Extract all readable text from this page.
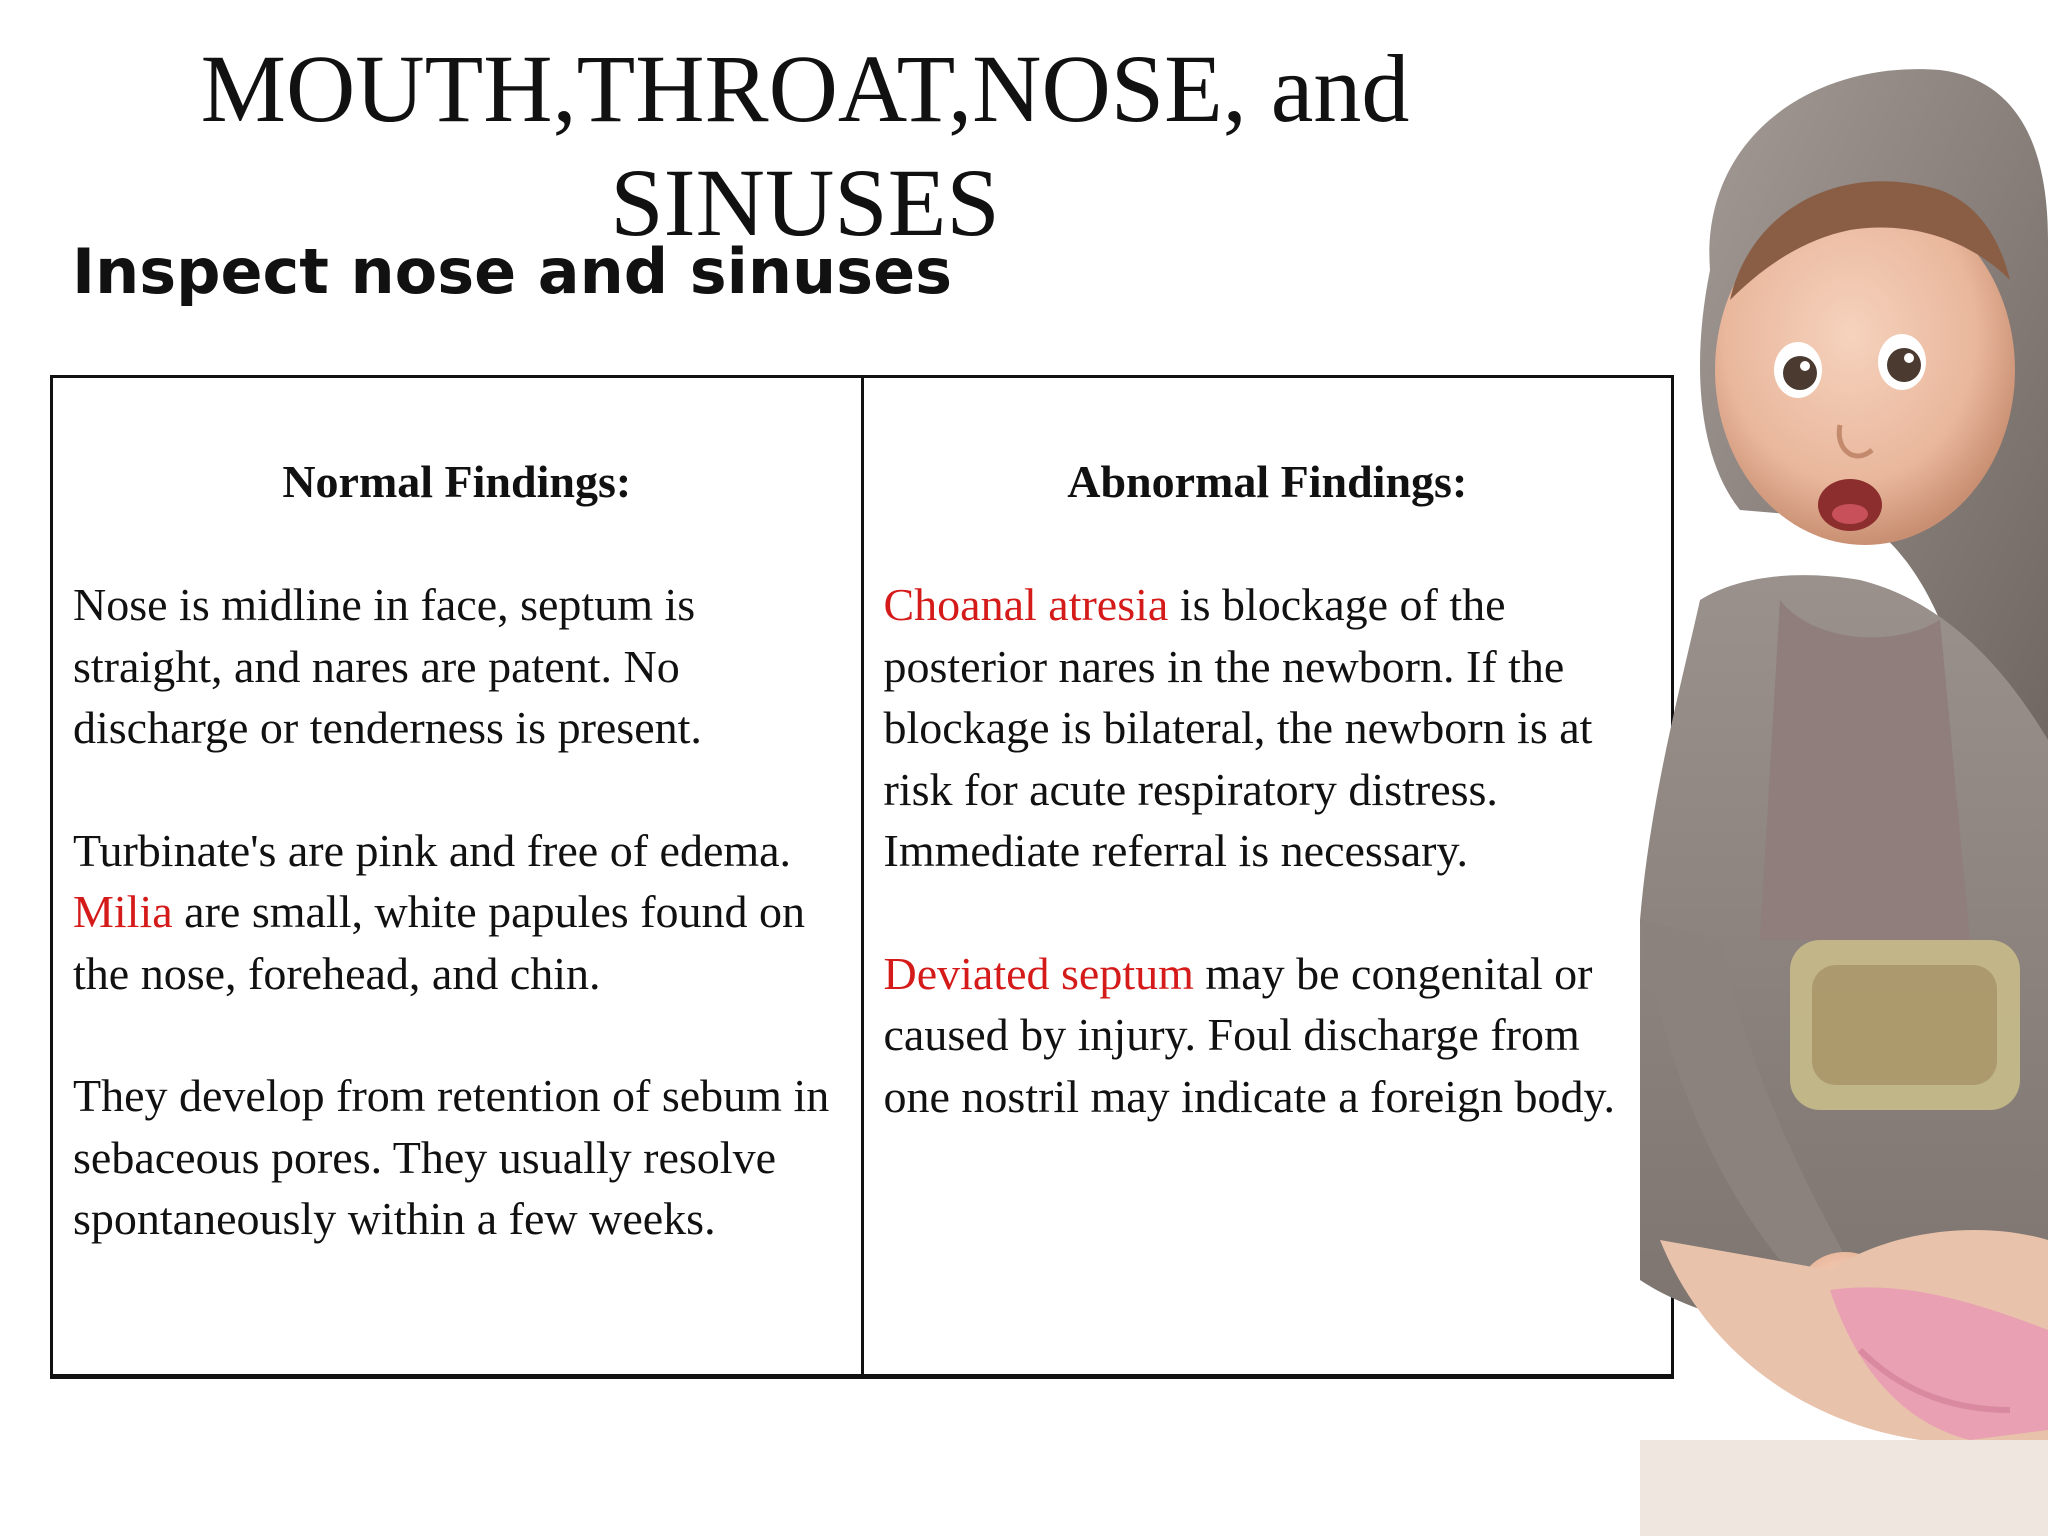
MOUTH,THROAT,NOSE, and
SINUSES
Inspect nose and sinuses
Normal Findings:

Nose is midline in face, septum is straight, and nares are patent. No discharge or tenderness is present.

Turbinate's are pink and free of edema. Milia are small, white papules found on the nose, forehead, and chin.

They develop from retention of sebum in sebaceous pores. They usually resolve spontaneously within a few weeks.

Abnormal Findings:

Choanal atresia is blockage of the posterior nares in the newborn. If the blockage is bilateral, the newborn is at risk for acute respiratory distress. Immediate referral is necessary.

Deviated septum may be congenital or caused by injury. Foul discharge from one nostril may indicate a foreign body.
